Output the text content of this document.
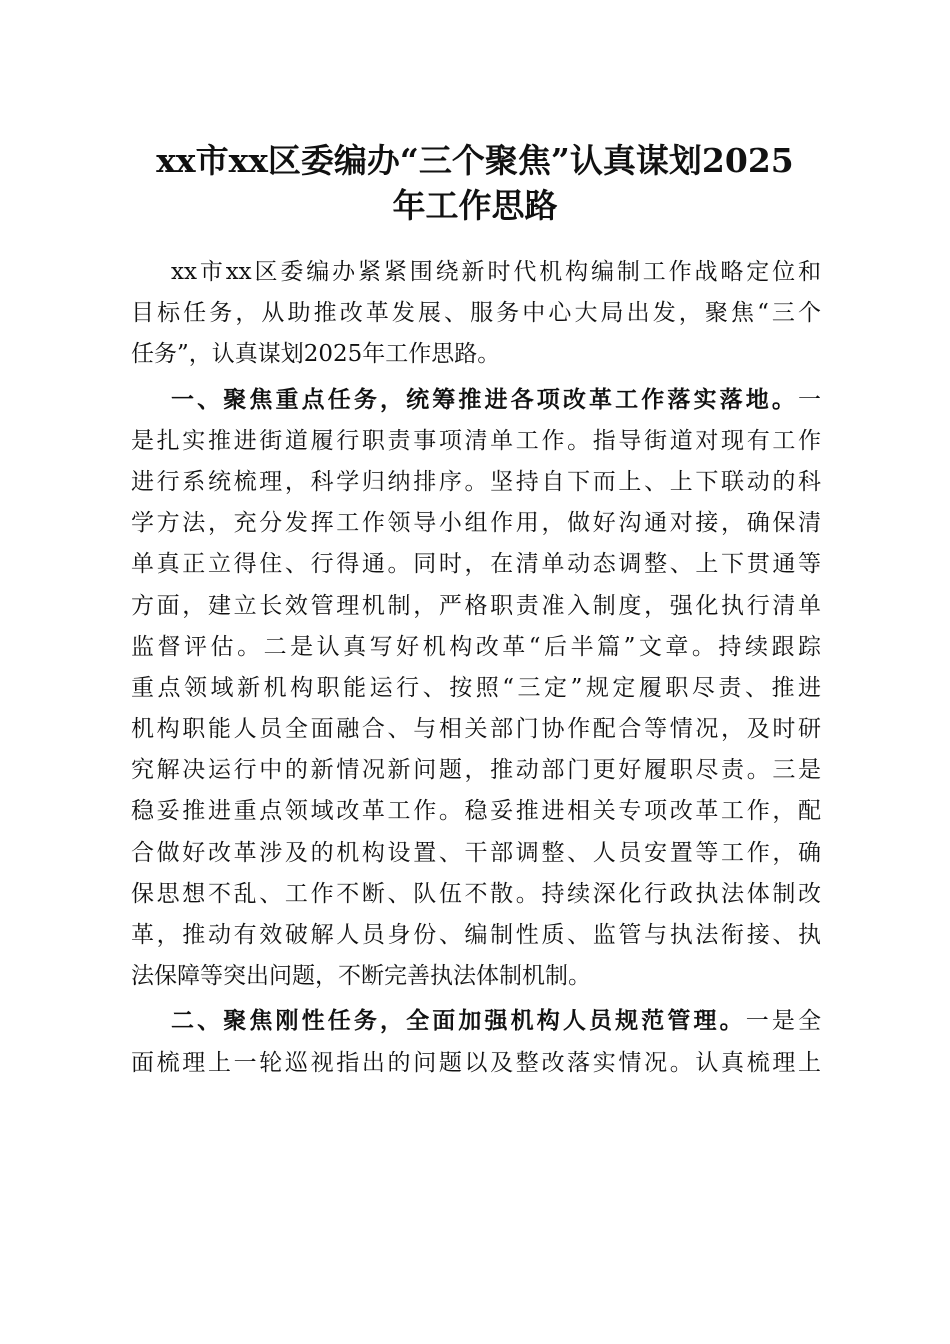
xx市xx区委编办“三个聚焦”认真谋划2025
年工作思路
xx市xx区委编办紧紧围绕新时代机构编制工作战略定位和
目标任务，从助推改革发展、服务中心大局出发，聚焦“三个
任务”，认真谋划2025年工作思路。
一、聚焦重点任务，统筹推进各项改革工作落实落地。一
是扎实推进街道履行职责事项清单工作。指导街道对现有工作
进行系统梳理，科学归纳排序。坚持自下而上、上下联动的科
学方法，充分发挥工作领导小组作用，做好沟通对接，确保清
单真正立得住、行得通。同时，在清单动态调整、上下贯通等
方面，建立长效管理机制，严格职责准入制度，强化执行清单
监督评估。二是认真写好机构改革“后半篇”文章。持续跟踪
重点领域新机构职能运行、按照“三定”规定履职尽责、推进
机构职能人员全面融合、与相关部门协作配合等情况，及时研
究解决运行中的新情况新问题，推动部门更好履职尽责。三是
稳妥推进重点领域改革工作。稳妥推进相关专项改革工作，配
合做好改革涉及的机构设置、干部调整、人员安置等工作，确
保思想不乱、工作不断、队伍不散。持续深化行政执法体制改
革，推动有效破解人员身份、编制性质、监管与执法衔接、执
法保障等突出问题，不断完善执法体制机制。
二、聚焦刚性任务，全面加强机构人员规范管理。一是全
面梳理上一轮巡视指出的问题以及整改落实情况。认真梳理上
